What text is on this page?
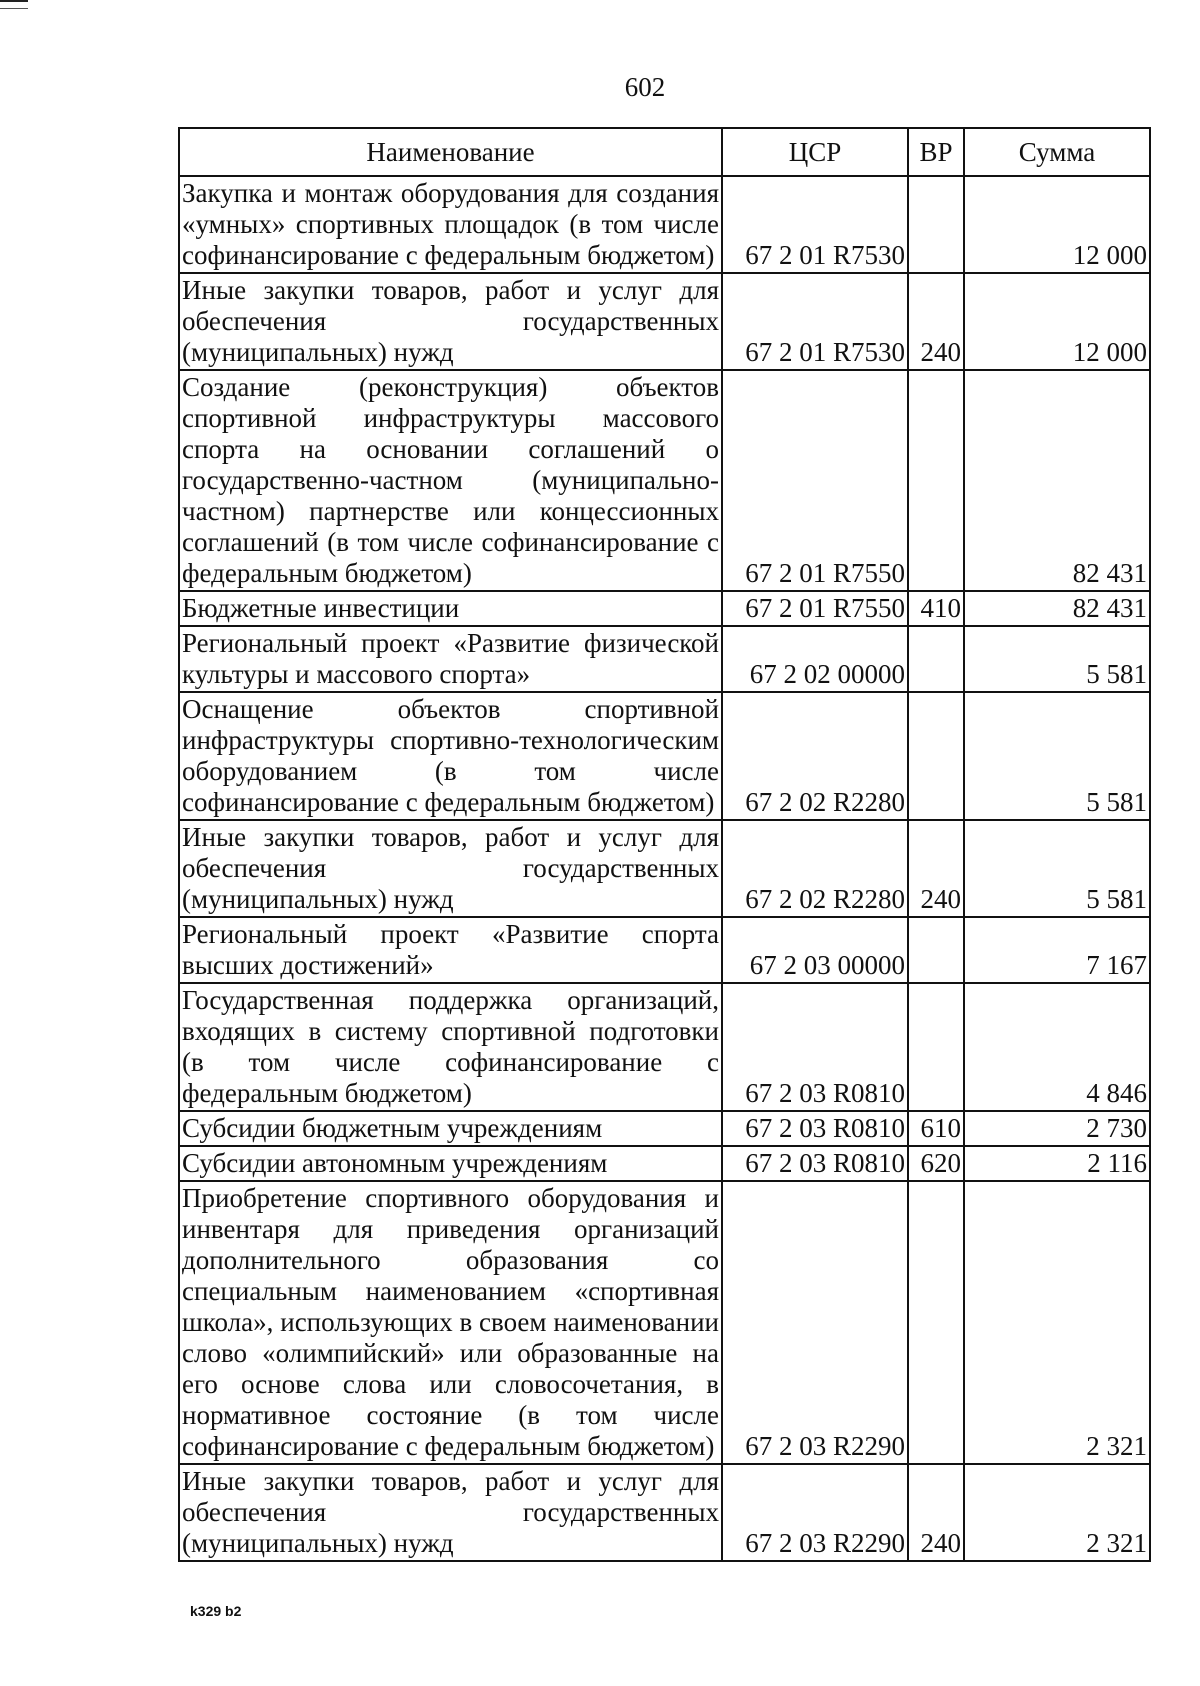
602
Наименование	ЦСР	ВР	Сумма
Закупка и монтаж оборудования для создания «умных» спортивных площадок (в том числе софинансирование с федеральным бюджетом)	67 2 01 R7530		12 000
Иные закупки товаров, работ и услуг для обеспечения государственных (муниципальных) нужд	67 2 01 R7530	240	12 000
Создание (реконструкция) объектов спортивной инфраструктуры массового спорта на основании соглашений о государственно-частном (муниципально-частном) партнерстве или концессионных соглашений (в том числе софинансирование с федеральным бюджетом)	67 2 01 R7550		82 431
Бюджетные инвестиции	67 2 01 R7550	410	82 431
Региональный проект «Развитие физической культуры и массового спорта»	67 2 02 00000		5 581
Оснащение объектов спортивной инфраструктуры спортивно-технологическим оборудованием (в том числе софинансирование с федеральным бюджетом)	67 2 02 R2280		5 581
Иные закупки товаров, работ и услуг для обеспечения государственных (муниципальных) нужд	67 2 02 R2280	240	5 581
Региональный проект «Развитие спорта высших достижений»	67 2 03 00000		7 167
Государственная поддержка организаций, входящих в систему спортивной подготовки (в том числе софинансирование с федеральным бюджетом)	67 2 03 R0810		4 846
Субсидии бюджетным учреждениям	67 2 03 R0810	610	2 730
Субсидии автономным учреждениям	67 2 03 R0810	620	2 116
Приобретение спортивного оборудования и инвентаря для приведения организаций дополнительного образования со специальным наименованием «спортивная школа», использующих в своем наименовании слово «олимпийский» или образованные на его основе слова или словосочетания, в нормативное состояние (в том числе софинансирование с федеральным бюджетом)	67 2 03 R2290		2 321
Иные закупки товаров, работ и услуг для обеспечения государственных (муниципальных) нужд	67 2 03 R2290	240	2 321
k329 b2
